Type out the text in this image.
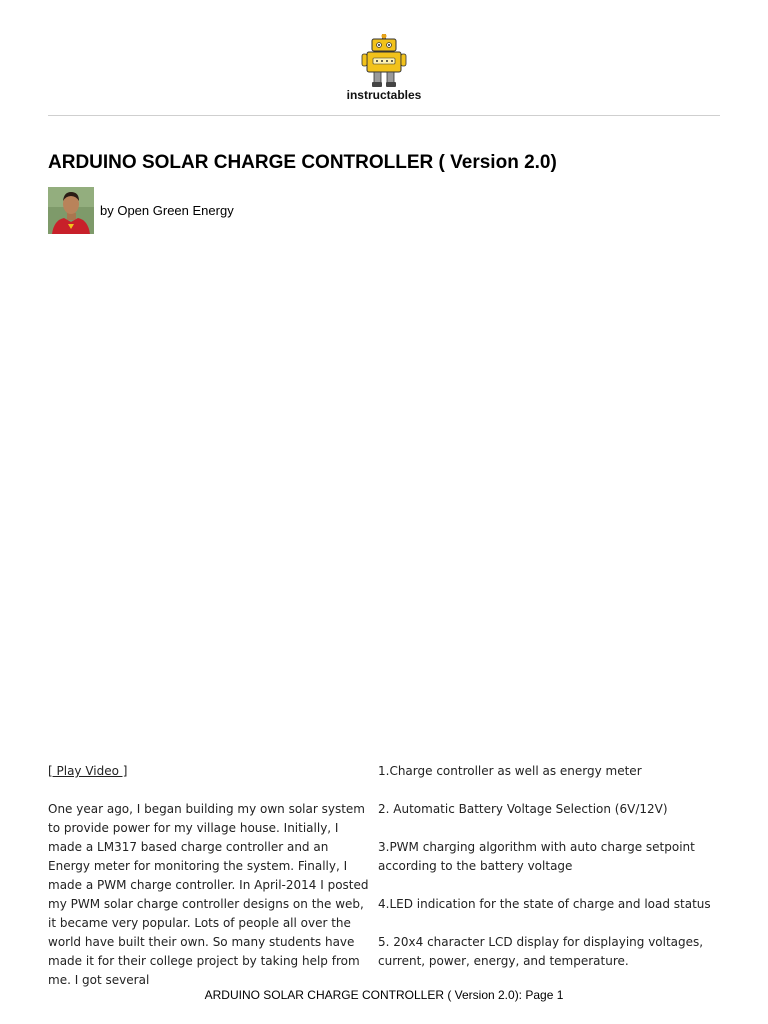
instructables
ARDUINO SOLAR CHARGE CONTROLLER ( Version 2.0)
by Open Green Energy

[ Play Video ]

One year ago, I began building my own solar system to provide power for my village house. Initially, I made a LM317 based charge controller and an Energy meter for monitoring the system. Finally, I made a PWM charge controller. In April-2014 I posted my PWM solar charge controller designs on the web, it became very popular. Lots of people all over the world have built their own. So many students have made it for their college project by taking help from me. I got several

1.Charge controller as well as energy meter

2. Automatic Battery Voltage Selection (6V/12V)

3.PWM charging algorithm with auto charge setpoint according to the battery voltage

4.LED indication for the state of charge and load status

5. 20x4 character LCD display for displaying voltages, current, power, energy, and temperature.

ARDUINO SOLAR CHARGE CONTROLLER ( Version 2.0): Page 1
